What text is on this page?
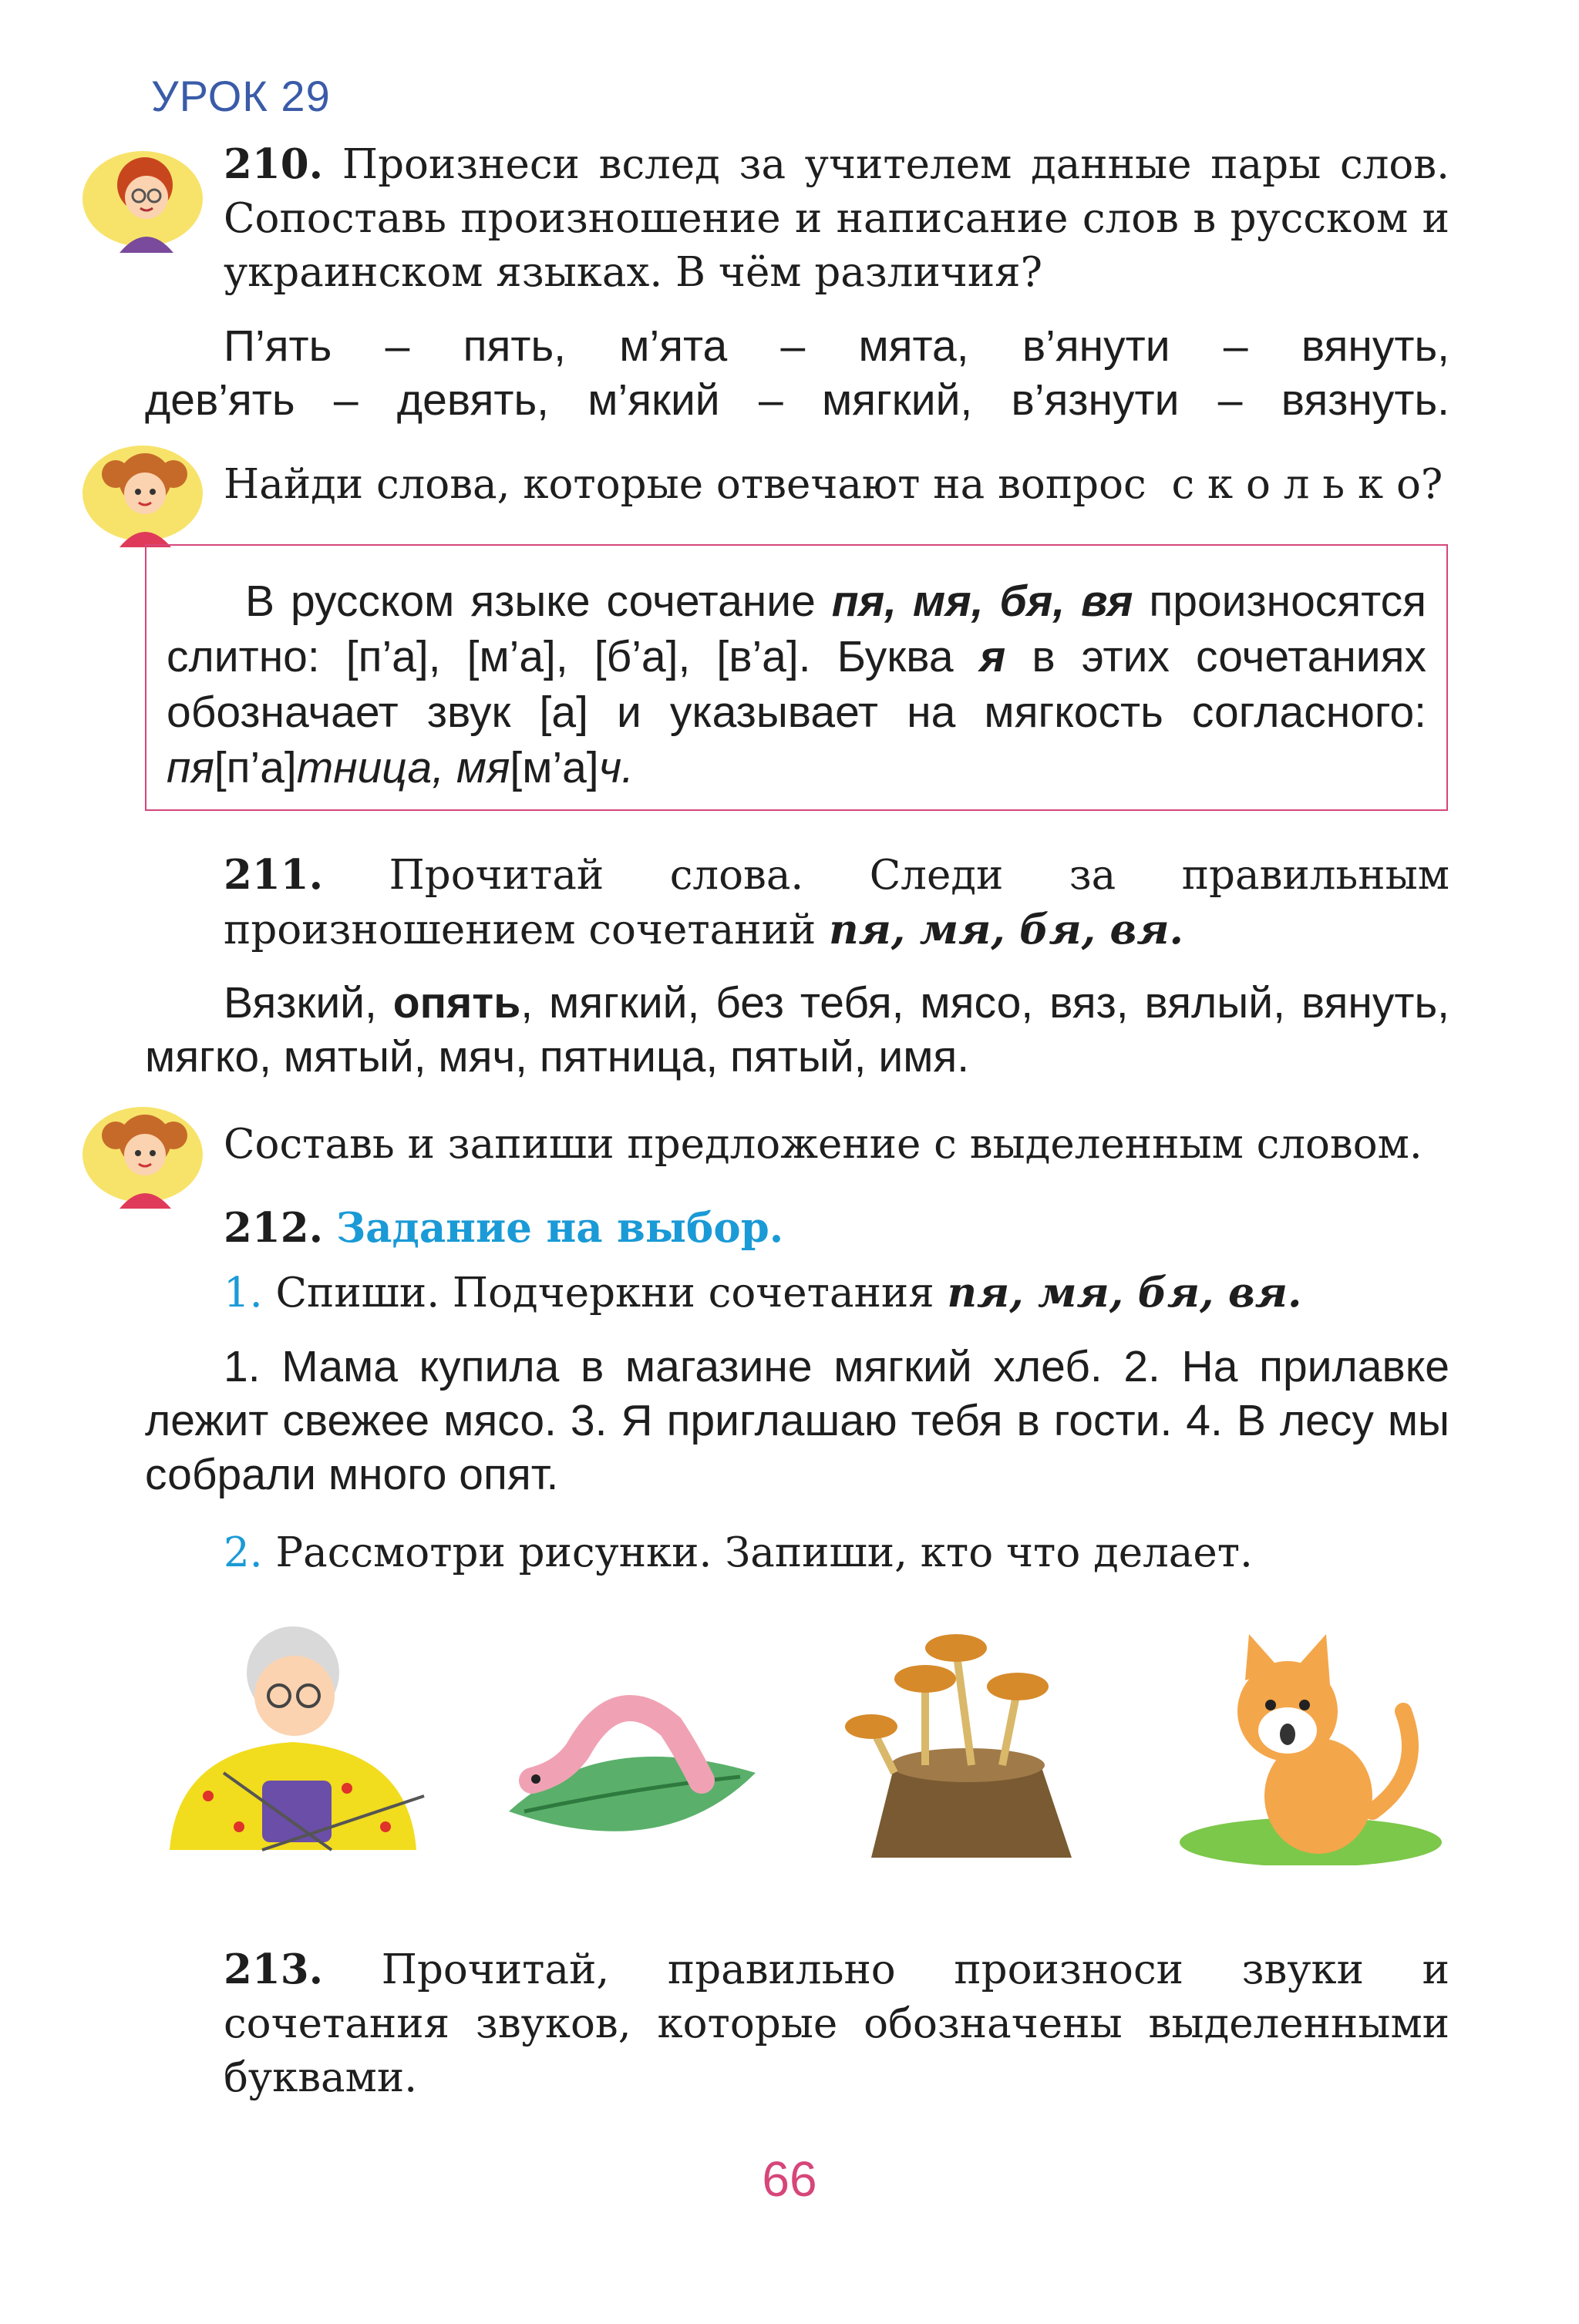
УРОК 29
210. Произнеси вслед за учителем данные пары слов. Сопоставь произношение и написание слов в русском и украинском языках. В чём различия?
П’ять – пять, м’ята – мята, в’янути – вянуть,
дев’ять – девять, м’який – мягкий, в’язнути – вязнуть.
Найди слова, которые отвечают на вопрос с к о л ь к о?
В русском языке сочетание пя, мя, бя, вя произносятся слитно: [п’а], [м’а], [б’а], [в’а]. Буква я в этих сочетаниях обозначает звук [а] и указывает на мягкость согласного: пя[п’а]тница, мя[м’а]ч.
211. Прочитай слова. Следи за правильным произношением сочетаний пя, мя, бя, вя.
Вязкий, опять, мягкий, без тебя, мясо, вяз, вялый, вянуть, мягко, мятый, мяч, пятница, пятый, имя.
Составь и запиши предложение с выделенным словом.
212. Задание на выбор.
1. Спиши. Подчеркни сочетания пя, мя, бя, вя.
1. Мама купила в магазине мягкий хлеб. 2. На прилавке лежит свежее мясо. 3. Я приглашаю тебя в гости. 4. В лесу мы собрали много опят.
2. Рассмотри рисунки. Запиши, кто что делает.
213. Прочитай, правильно произноси звуки и сочетания звуков, которые обозначены выделенными буквами.
66
